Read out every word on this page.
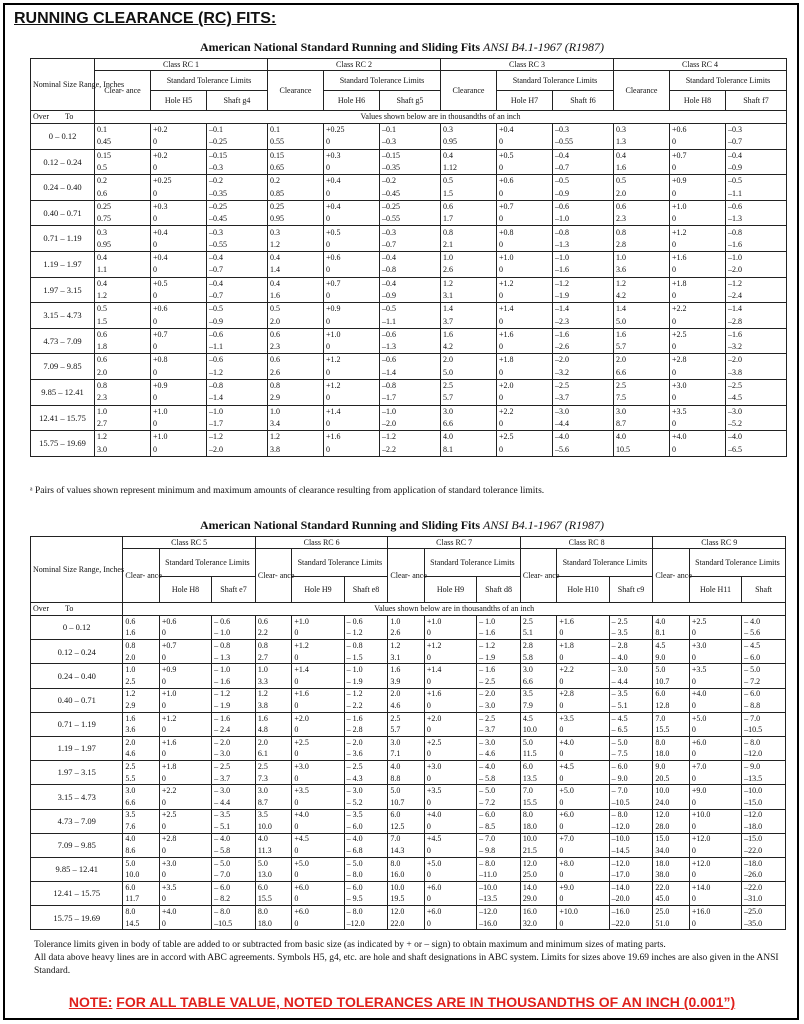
RUNNING CLEARANCE (RC) FITS:
American National Standard Running and Sliding Fits ANSI B4.1-1967 (R1987)
Nominal Size Range, Inches	Class RC 1			Class RC 2			Class RC 3			Class RC 4		
	Clear- ance	Standard Tolerance Limits		Clearance	Standard Tolerance Limits		Clearance	Standard Tolerance Limits		Clearance	Standard Tolerance Limits	
		Hole H5	Shaft g4		Hole H6	Shaft g5		Hole H7	Shaft f6		Hole H8	Shaft f7
Over To	Values shown below are in thousandths of an inch											
0 – 0.12	0.1	+0.2	–0.1	0.1	+0.25	–0.1	0.3	+0.4	–0.3	0.3	+0.6	–0.3
	0.45	0	–0.25	0.55	0	–0.3	0.95	0	–0.55	1.3	0	–0.7
0.12 – 0.24	0.15	+0.2	–0.15	0.15	+0.3	–0.15	0.4	+0.5	–0.4	0.4	+0.7	–0.4
	0.5	0	–0.3	0.65	0	–0.35	1.12	0	–0.7	1.6	0	–0.9
0.24 – 0.40	0.2	+0.25	–0.2	0.2	+0.4	–0.2	0.5	+0.6	–0.5	0.5	+0.9	–0.5
	0.6	0	–0.35	0.85	0	–0.45	1.5	0	–0.9	2.0	0	–1.1
0.40 – 0.71	0.25	+0.3	–0.25	0.25	+0.4	–0.25	0.6	+0.7	–0.6	0.6	+1.0	–0.6
	0.75	0	–0.45	0.95	0	–0.55	1.7	0	–1.0	2.3	0	–1.3
0.71 – 1.19	0.3	+0.4	–0.3	0.3	+0.5	–0.3	0.8	+0.8	–0.8	0.8	+1.2	–0.8
	0.95	0	–0.55	1.2	0	–0.7	2.1	0	–1.3	2.8	0	–1.6
1.19 – 1.97	0.4	+0.4	–0.4	0.4	+0.6	–0.4	1.0	+1.0	–1.0	1.0	+1.6	–1.0
	1.1	0	–0.7	1.4	0	–0.8	2.6	0	–1.6	3.6	0	–2.0
1.97 – 3.15	0.4	+0.5	–0.4	0.4	+0.7	–0.4	1.2	+1.2	–1.2	1.2	+1.8	–1.2
	1.2	0	–0.7	1.6	0	–0.9	3.1	0	–1.9	4.2	0	–2.4
3.15 – 4.73	0.5	+0.6	–0.5	0.5	+0.9	–0.5	1.4	+1.4	–1.4	1.4	+2.2	–1.4
	1.5	0	–0.9	2.0	0	–1.1	3.7	0	–2.3	5.0	0	–2.8
4.73 – 7.09	0.6	+0.7	–0.6	0.6	+1.0	–0.6	1.6	+1.6	–1.6	1.6	+2.5	–1.6
	1.8	0	–1.1	2.3	0	–1.3	4.2	0	–2.6	5.7	0	–3.2
7.09 – 9.85	0.6	+0.8	–0.6	0.6	+1.2	–0.6	2.0	+1.8	–2.0	2.0	+2.8	–2.0
	2.0	0	–1.2	2.6	0	–1.4	5.0	0	–3.2	6.6	0	–3.8
9.85 – 12.41	0.8	+0.9	–0.8	0.8	+1.2	–0.8	2.5	+2.0	–2.5	2.5	+3.0	–2.5
	2.3	0	–1.4	2.9	0	–1.7	5.7	0	–3.7	7.5	0	–4.5
12.41 – 15.75	1.0	+1.0	–1.0	1.0	+1.4	–1.0	3.0	+2.2	–3.0	3.0	+3.5	–3.0
	2.7	0	–1.7	3.4	0	–2.0	6.6	0	–4.4	8.7	0	–5.2
15.75 – 19.69	1.2	+1.0	–1.2	1.2	+1.6	–1.2	4.0	+2.5	–4.0	4.0	+4.0	–4.0
	3.0	0	–2.0	3.8	0	–2.2	8.1	0	–5.6	10.5	0	–6.5
ᵃ Pairs of values shown represent minimum and maximum amounts of clearance resulting from application of standard tolerance limits.
American National Standard Running and Sliding Fits ANSI B4.1-1967 (R1987)
Nominal Size Range, Inches	Class RC 5			Class RC 6			Class RC 7			Class RC 8			Class RC 9		
	Clear- ance	Standard Tolerance Limits		Clear- ance	Standard Tolerance Limits		Clear- ance	Standard Tolerance Limits		Clear- ance	Standard Tolerance Limits		Clear- ance	Standard Tolerance Limits	
		Hole H8	Shaft e7		Hole H9	Shaft e8		Hole H9	Shaft d8		Hole H10	Shaft c9		Hole H11	Shaft
Over To	Values shown below are in thousandths of an inch														
0 – 0.12	0.6	+0.6	– 0.6	0.6	+1.0	– 0.6	1.0	+1.0	– 1.0	2.5	+1.6	– 2.5	4.0	+2.5	– 4.0
	1.6	0	– 1.0	2.2	0	– 1.2	2.6	0	– 1.6	5.1	0	– 3.5	8.1	0	– 5.6
0.12 – 0.24	0.8	+0.7	– 0.8	0.8	+1.2	– 0.8	1.2	+1.2	– 1.2	2.8	+1.8	– 2.8	4.5	+3.0	– 4.5
	2.0	0	– 1.3	2.7	0	– 1.5	3.1	0	– 1.9	5.8	0	– 4.0	9.0	0	– 6.0
0.24 – 0.40	1.0	+0.9	– 1.0	1.0	+1.4	– 1.0	1.6	+1.4	– 1.6	3.0	+2.2	– 3.0	5.0	+3.5	– 5.0
	2.5	0	– 1.6	3.3	0	– 1.9	3.9	0	– 2.5	6.6	0	– 4.4	10.7	0	– 7.2
0.40 – 0.71	1.2	+1.0	– 1.2	1.2	+1.6	– 1.2	2.0	+1.6	– 2.0	3.5	+2.8	– 3.5	6.0	+4.0	– 6.0
	2.9	0	– 1.9	3.8	0	– 2.2	4.6	0	– 3.0	7.9	0	– 5.1	12.8	0	– 8.8
0.71 – 1.19	1.6	+1.2	– 1.6	1.6	+2.0	– 1.6	2.5	+2.0	– 2.5	4.5	+3.5	– 4.5	7.0	+5.0	– 7.0
	3.6	0	– 2.4	4.8	0	– 2.8	5.7	0	– 3.7	10.0	0	– 6.5	15.5	0	–10.5
1.19 – 1.97	2.0	+1.6	– 2.0	2.0	+2.5	– 2.0	3.0	+2.5	– 3.0	5.0	+4.0	– 5.0	8.0	+6.0	– 8.0
	4.6	0	– 3.0	6.1	0	– 3.6	7.1	0	– 4.6	11.5	0	– 7.5	18.0	0	–12.0
1.97 – 3.15	2.5	+1.8	– 2.5	2.5	+3.0	– 2.5	4.0	+3.0	– 4.0	6.0	+4.5	– 6.0	9.0	+7.0	– 9.0
	5.5	0	– 3.7	7.3	0	– 4.3	8.8	0	– 5.8	13.5	0	– 9.0	20.5	0	–13.5
3.15 – 4.73	3.0	+2.2	– 3.0	3.0	+3.5	– 3.0	5.0	+3.5	– 5.0	7.0	+5.0	– 7.0	10.0	+9.0	–10.0
	6.6	0	– 4.4	8.7	0	– 5.2	10.7	0	– 7.2	15.5	0	–10.5	24.0	0	–15.0
4.73 – 7.09	3.5	+2.5	– 3.5	3.5	+4.0	– 3.5	6.0	+4.0	– 6.0	8.0	+6.0	– 8.0	12.0	+10.0	–12.0
	7.6	0	– 5.1	10.0	0	– 6.0	12.5	0	– 8.5	18.0	0	–12.0	28.0	0	–18.0
7.09 – 9.85	4.0	+2.8	– 4.0	4.0	+4.5	– 4.0	7.0	+4.5	– 7.0	10.0	+7.0	–10.0	15.0	+12.0	–15.0
	8.6	0	– 5.8	11.3	0	– 6.8	14.3	0	– 9.8	21.5	0	–14.5	34.0	0	–22.0
9.85 – 12.41	5.0	+3.0	– 5.0	5.0	+5.0	– 5.0	8.0	+5.0	– 8.0	12.0	+8.0	–12.0	18.0	+12.0	–18.0
	10.0	0	– 7.0	13.0	0	– 8.0	16.0	0	–11.0	25.0	0	–17.0	38.0	0	–26.0
12.41 – 15.75	6.0	+3.5	– 6.0	6.0	+6.0	– 6.0	10.0	+6.0	–10.0	14.0	+9.0	–14.0	22.0	+14.0	–22.0
	11.7	0	– 8.2	15.5	0	– 9.5	19.5	0	–13.5	29.0	0	–20.0	45.0	0	–31.0
15.75 – 19.69	8.0	+4.0	– 8.0	8.0	+6.0	– 8.0	12.0	+6.0	–12.0	16.0	+10.0	–16.0	25.0	+16.0	–25.0
	14.5	0	–10.5	18.0	0	–12.0	22.0	0	–16.0	32.0	0	–22.0	51.0	0	–35.0
Tolerance limits given in body of table are added to or subtracted from basic size (as indicated by + or – sign) to obtain maximum and minimum sizes of mating parts.
All data above heavy lines are in accord with ABC agreements. Symbols H5, g4, etc. are hole and shaft designations in ABC system. Limits for sizes above 19.69 inches are also given in the ANSI Standard.
NOTE: FOR ALL TABLE VALUE, NOTED TOLERANCES ARE IN THOUSANDTHS OF AN INCH (0.001”)
